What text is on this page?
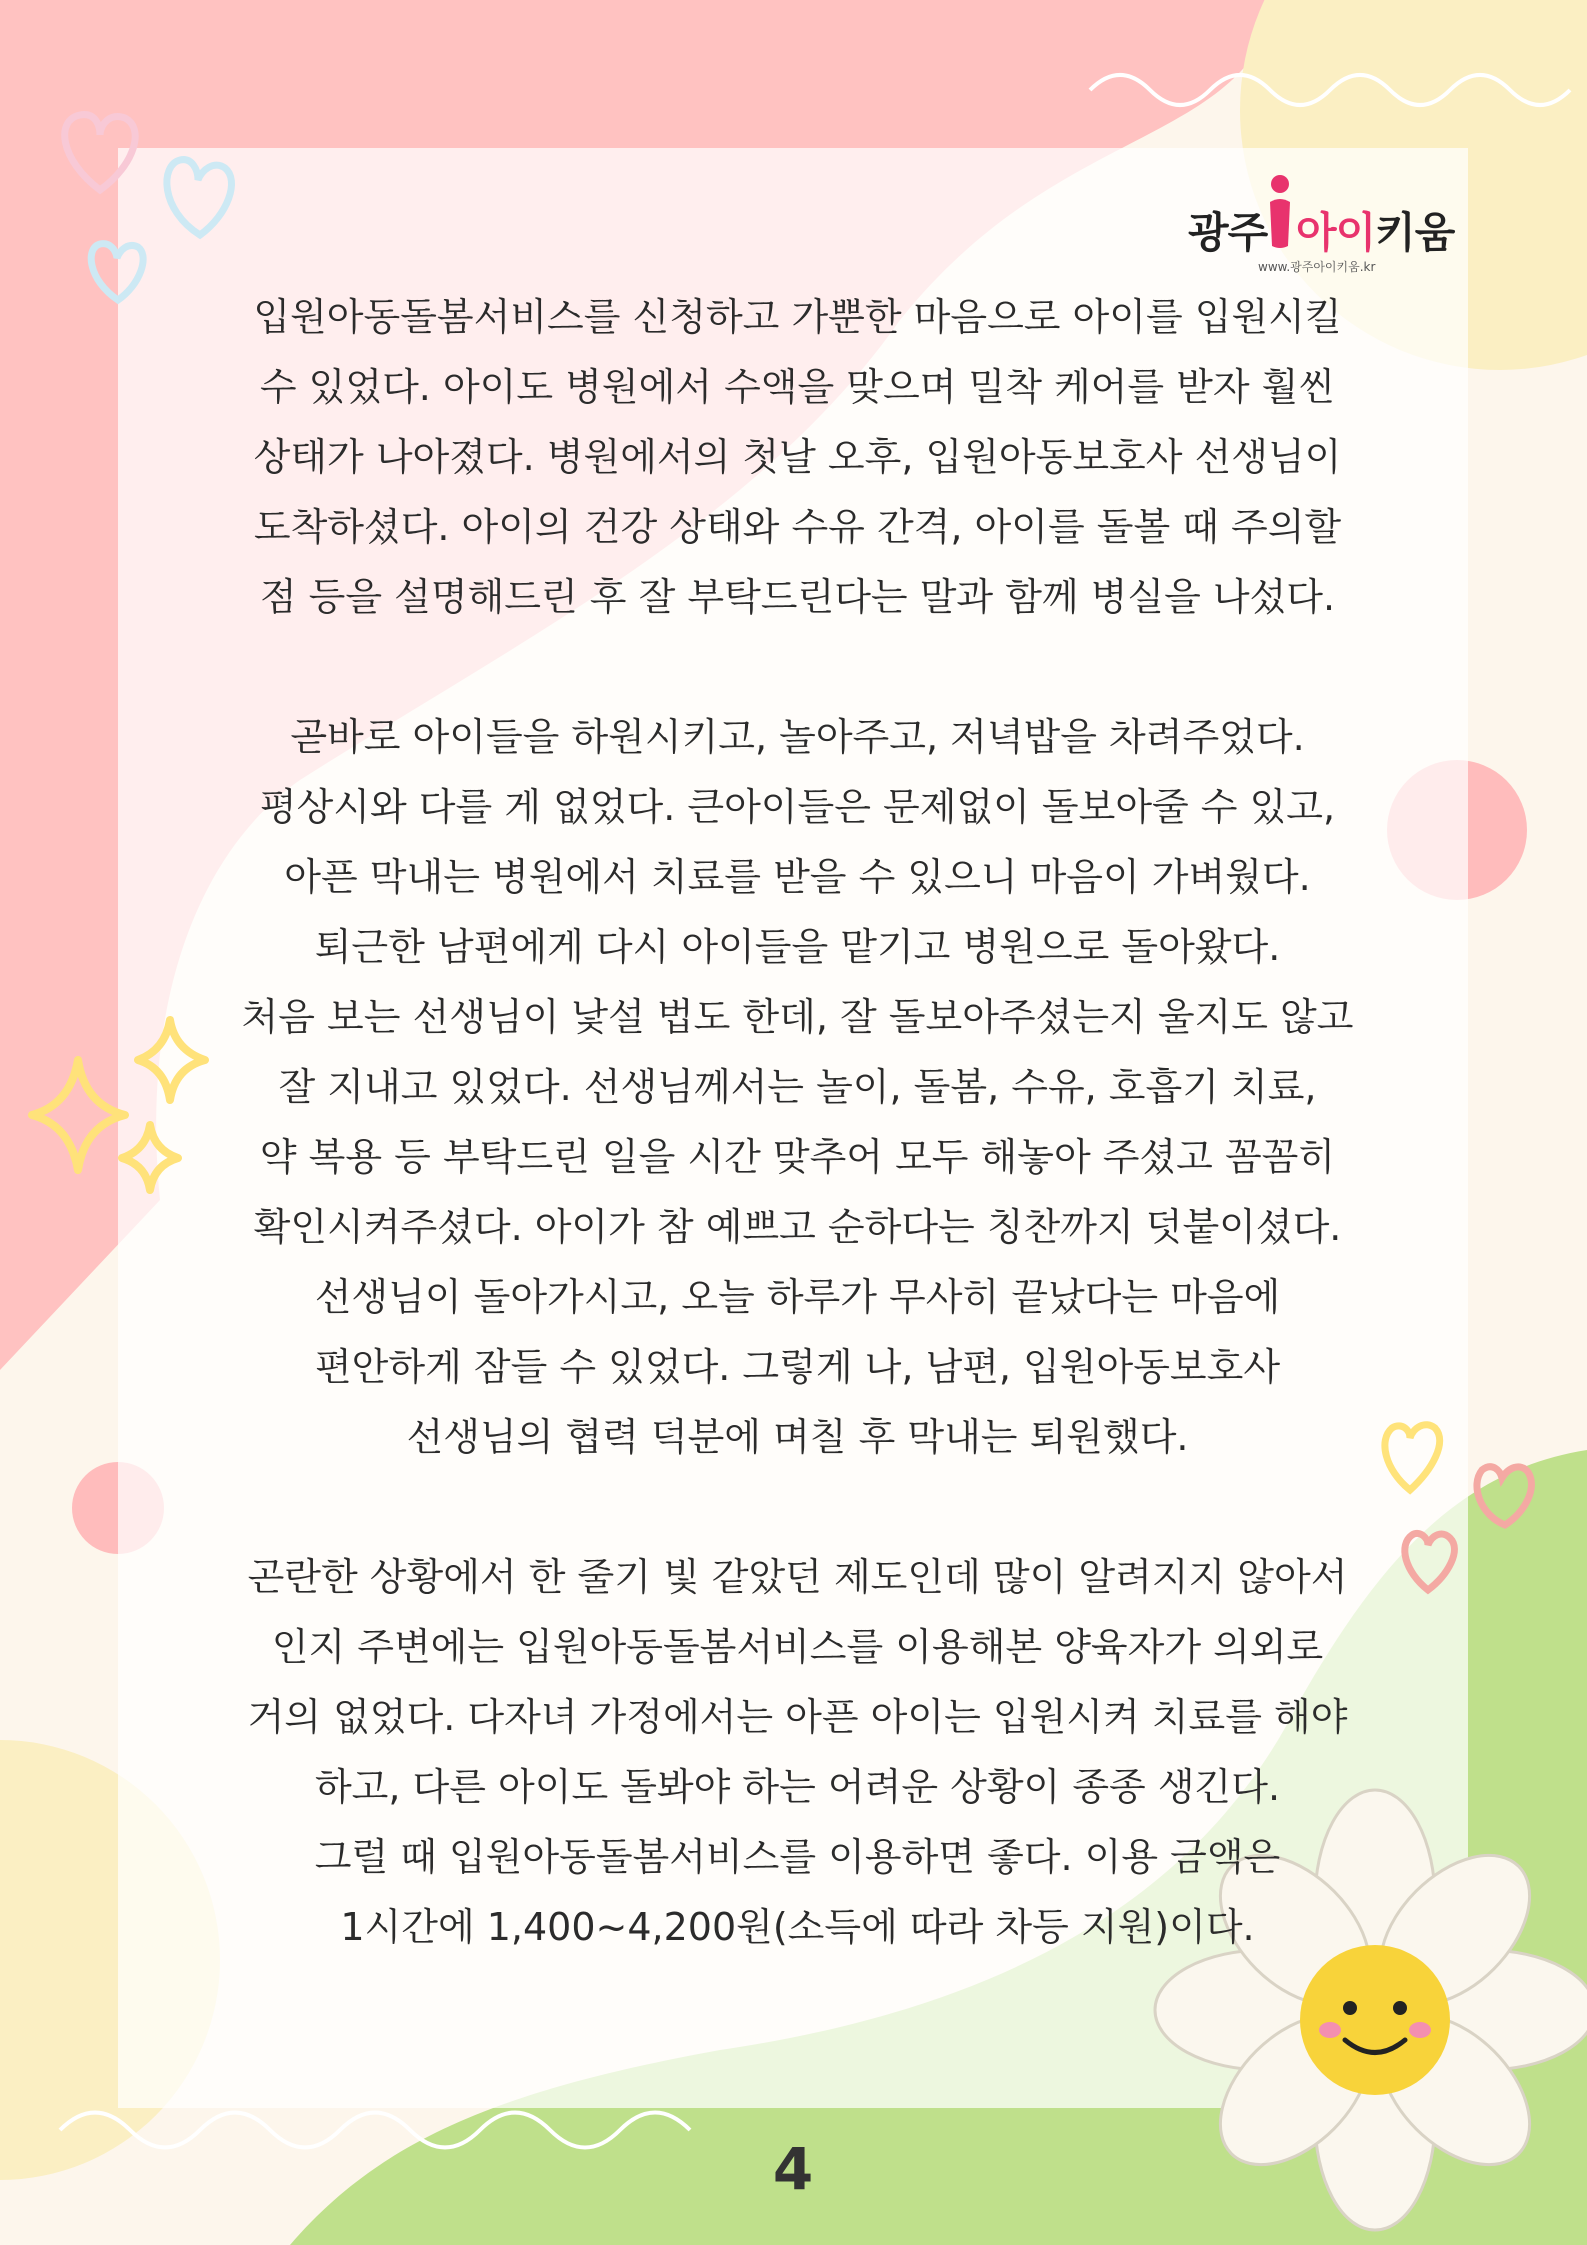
광주 아이키움
www.광주아이키움.kr
입원아동돌봄서비스를 신청하고 가뿐한 마음으로 아이를 입원시킬
수 있었다. 아이도 병원에서 수액을 맞으며 밀착 케어를 받자 훨씬
상태가 나아졌다. 병원에서의 첫날 오후, 입원아동보호사 선생님이
도착하셨다. 아이의 건강 상태와 수유 간격, 아이를 돌볼 때 주의할
점 등을 설명해드린 후 잘 부탁드린다는 말과 함께 병실을 나섰다.
곧바로 아이들을 하원시키고, 놀아주고, 저녁밥을 차려주었다.
평상시와 다를 게 없었다. 큰아이들은 문제없이 돌보아줄 수 있고,
아픈 막내는 병원에서 치료를 받을 수 있으니 마음이 가벼웠다.
퇴근한 남편에게 다시 아이들을 맡기고 병원으로 돌아왔다.
처음 보는 선생님이 낯설 법도 한데, 잘 돌보아주셨는지 울지도 않고
잘 지내고 있었다. 선생님께서는 놀이, 돌봄, 수유, 호흡기 치료,
약 복용 등 부탁드린 일을 시간 맞추어 모두 해놓아 주셨고 꼼꼼히
확인시켜주셨다. 아이가 참 예쁘고 순하다는 칭찬까지 덧붙이셨다.
선생님이 돌아가시고, 오늘 하루가 무사히 끝났다는 마음에
편안하게 잠들 수 있었다. 그렇게 나, 남편, 입원아동보호사
선생님의 협력 덕분에 며칠 후 막내는 퇴원했다.
곤란한 상황에서 한 줄기 빛 같았던 제도인데 많이 알려지지 않아서
인지 주변에는 입원아동돌봄서비스를 이용해본 양육자가 의외로
거의 없었다. 다자녀 가정에서는 아픈 아이는 입원시켜 치료를 해야
하고, 다른 아이도 돌봐야 하는 어려운 상황이 종종 생긴다.
그럴 때 입원아동돌봄서비스를 이용하면 좋다. 이용 금액은
1시간에 1,400~4,200원(소득에 따라 차등 지원)이다.
4
